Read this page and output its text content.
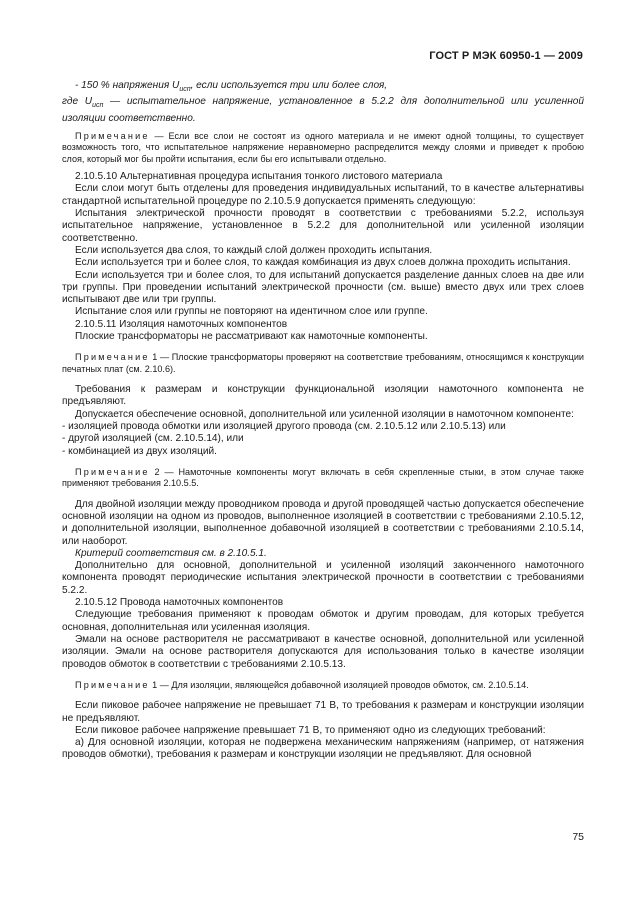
ГОСТ Р МЭК 60950-1 — 2009

- 150 % напряжения $U_{исп}$, если используется три или более слоя,

где $U_{исп}$ — испытательное напряжение, установленное в 5.2.2 для дополнительной или усиленной изоляции соответственно.

Примечание — Если все слои не состоят из одного материала и не имеют одной толщины, то существует возможность того, что испытательное напряжение неравномерно распределится между слоями и приведет к пробою слоя, который мог бы пройти испытания, если бы его испытывали отдельно.

2.10.5.10 Альтернативная процедура испытания тонкого листового материала

Если слои могут быть отделены для проведения индивидуальных испытаний, то в качестве альтернативы стандартной испытательной процедуре по 2.10.5.9 допускается применять следующую:

Испытания электрической прочности проводят в соответствии с требованиями 5.2.2, используя испытательное напряжение, установленное в 5.2.2 для дополнительной или усиленной изоляции соответственно.

Если используется два слоя, то каждый слой должен проходить испытания.

Если используется три и более слоя, то каждая комбинация из двух слоев должна проходить испытания.

Если используется три и более слоя, то для испытаний допускается разделение данных слоев на две или три группы. При проведении испытаний электрической прочности (см. выше) вместо двух или трех слоев испытывают две или три группы.

Испытание слоя или группы не повторяют на идентичном слое или группе.

2.10.5.11 Изоляция намоточных компонентов

Плоские трансформаторы не рассматривают как намоточные компоненты.

Примечание 1 — Плоские трансформаторы проверяют на соответствие требованиям, относящимся к конструкции печатных плат (см. 2.10.6).

Требования к размерам и конструкции функциональной изоляции намоточного компонента не предъявляют.

Допускается обеспечение основной, дополнительной или усиленной изоляции в намоточном компоненте:

- изоляцией провода обмотки или изоляцией другого провода (см. 2.10.5.12 или 2.10.5.13) или

- другой изоляцией (см. 2.10.5.14), или

- комбинацией из двух изоляций.

Примечание 2 — Намоточные компоненты могут включать в себя скрепленные стыки, в этом случае также применяют требования 2.10.5.5.

Для двойной изоляции между проводником провода и другой проводящей частью допускается обеспечение основной изоляции на одном из проводов, выполненное изоляцией в соответствии с требованиями 2.10.5.12, и дополнительной изоляции, выполненное добавочной изоляцией в соответствии с требованиями 2.10.5.14, или наоборот.

Критерий соответствия см. в 2.10.5.1.

Дополнительно для основной, дополнительной и усиленной изоляций законченного намоточного компонента проводят периодические испытания электрической прочности в соответствии с требованиями 5.2.2.

2.10.5.12 Провода намоточных компонентов

Следующие требования применяют к проводам обмоток и другим проводам, для которых требуется основная, дополнительная или усиленная изоляция.

Эмали на основе растворителя не рассматривают в качестве основной, дополнительной или усиленной изоляции. Эмали на основе растворителя допускаются для использования только в качестве изоляции проводов обмоток в соответствии с требованиями 2.10.5.13.

Примечание 1 — Для изоляции, являющейся добавочной изоляцией проводов обмоток, см. 2.10.5.14.

Если пиковое рабочее напряжение не превышает 71 В, то требования к размерам и конструкции изоляции не предъявляют.

Если пиковое рабочее напряжение превышает 71 В, то применяют одно из следующих требований:

а) Для основной изоляции, которая не подвержена механическим напряжениям (например, от натяжения проводов обмотки), требования к размерам и конструкции изоляции не предъявляют. Для основной

75
